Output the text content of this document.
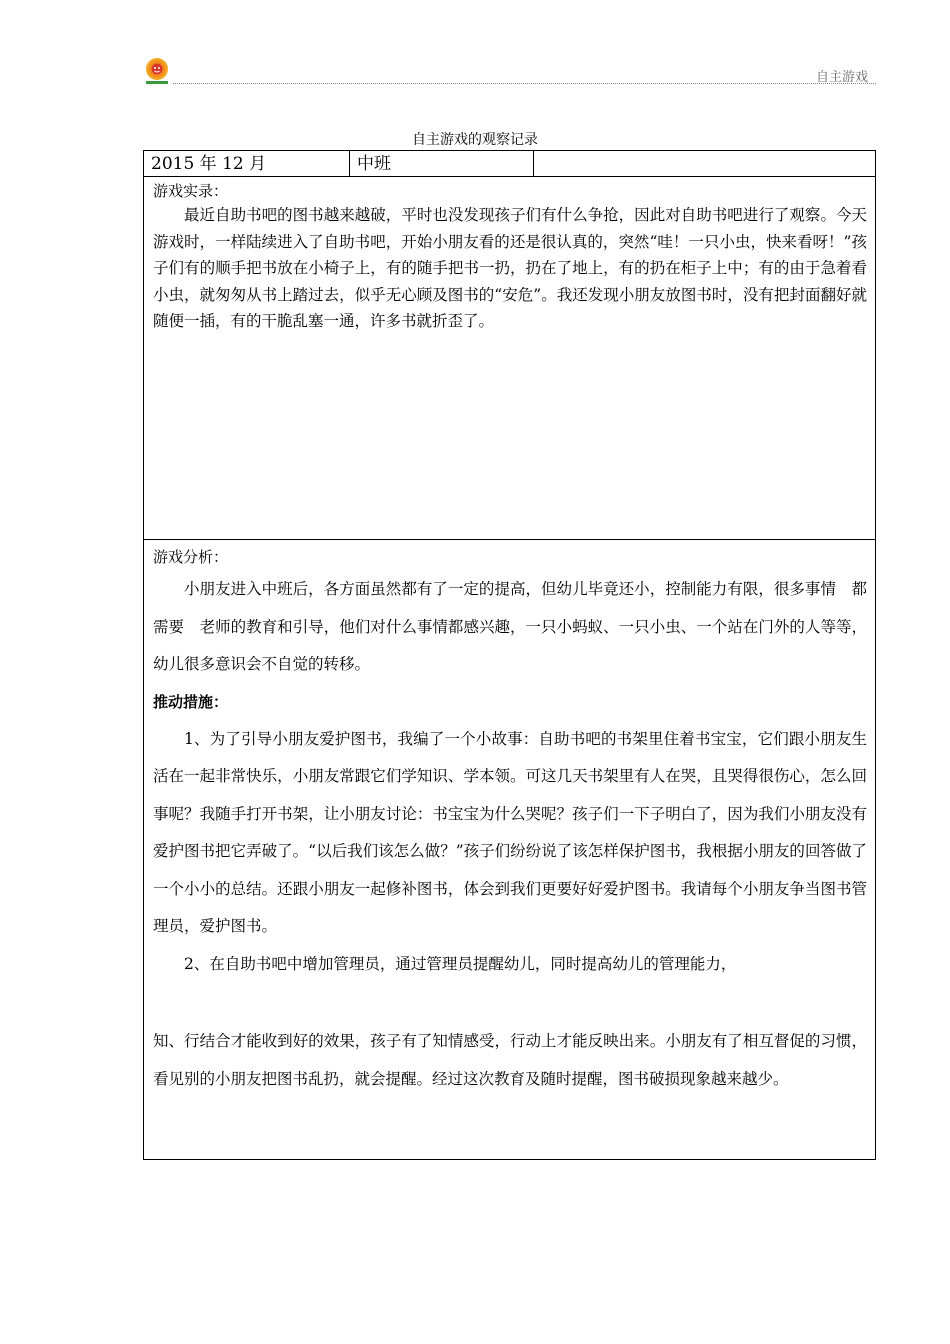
自主游戏
自主游戏的观察记录
2015 年 12 月	中班
游戏实录：
最近自助书吧的图书越来越破，平时也没发现孩子们有什么争抢，因此对自助书吧进行了观察。今天游戏时，一样陆续进入了自助书吧，开始小朋友看的还是很认真的，突然“哇！一只小虫，快来看呀！”孩子们有的顺手把书放在小椅子上，有的随手把书一扔，扔在了地上，有的扔在柜子上中；有的由于急着看小虫，就匆匆从书上踏过去，似乎无心顾及图书的“安危”。我还发现小朋友放图书时，没有把封面翻好就随便一插，有的干脆乱塞一通，许多书就折歪了。
游戏分析：

小朋友进入中班后，各方面虽然都有了一定的提高，但幼儿毕竟还小，控制能力有限，很多事情　都需要　老师的教育和引导，他们对什么事情都感兴趣，一只小蚂蚁、一只小虫、一个站在门外的人等等，幼儿很多意识会不自觉的转移。

推动措施：

1、为了引导小朋友爱护图书，我编了一个小故事：自助书吧的书架里住着书宝宝，它们跟小朋友生活在一起非常快乐，小朋友常跟它们学知识、学本领。可这几天书架里有人在哭，且哭得很伤心，怎么回事呢？我随手打开书架，让小朋友讨论：书宝宝为什么哭呢？孩子们一下子明白了，因为我们小朋友没有爱护图书把它弄破了。“以后我们该怎么做？”孩子们纷纷说了该怎样保护图书，我根据小朋友的回答做了一个小小的总结。还跟小朋友一起修补图书，体会到我们更要好好爱护图书。我请每个小朋友争当图书管理员，爱护图书。

2、在自助书吧中增加管理员，通过管理员提醒幼儿，同时提高幼儿的管理能力，

知、行结合才能收到好的效果，孩子有了知情感受，行动上才能反映出来。小朋友有了相互督促的习惯，看见别的小朋友把图书乱扔，就会提醒。经过这次教育及随时提醒，图书破损现象越来越少。
